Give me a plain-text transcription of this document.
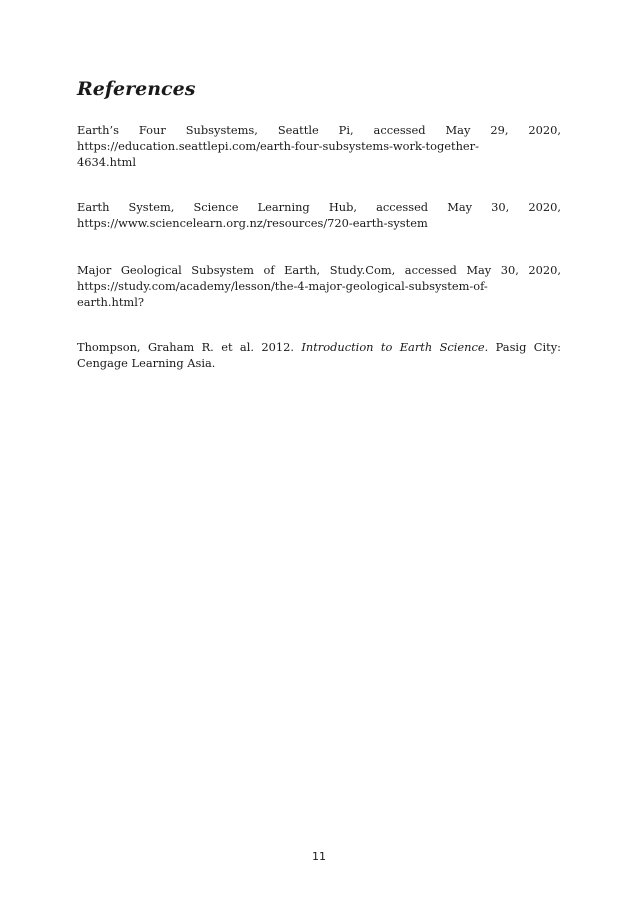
References

Earth’s Four Subsystems, Seattle Pi, accessed May 29, 2020,
https://education.seattlepi.com/earth-four-subsystems-work-together-
4634.html

Earth System, Science Learning Hub, accessed May 30, 2020,
https://www.sciencelearn.org.nz/resources/720-earth-system

Major Geological Subsystem of Earth, Study.Com, accessed May 30, 2020,
https://study.com/academy/lesson/the-4-major-geological-subsystem-of-
earth.html?

Thompson, Graham R. et al. 2012. Introduction to Earth Science. Pasig City:
Cengage Learning Asia.

11
